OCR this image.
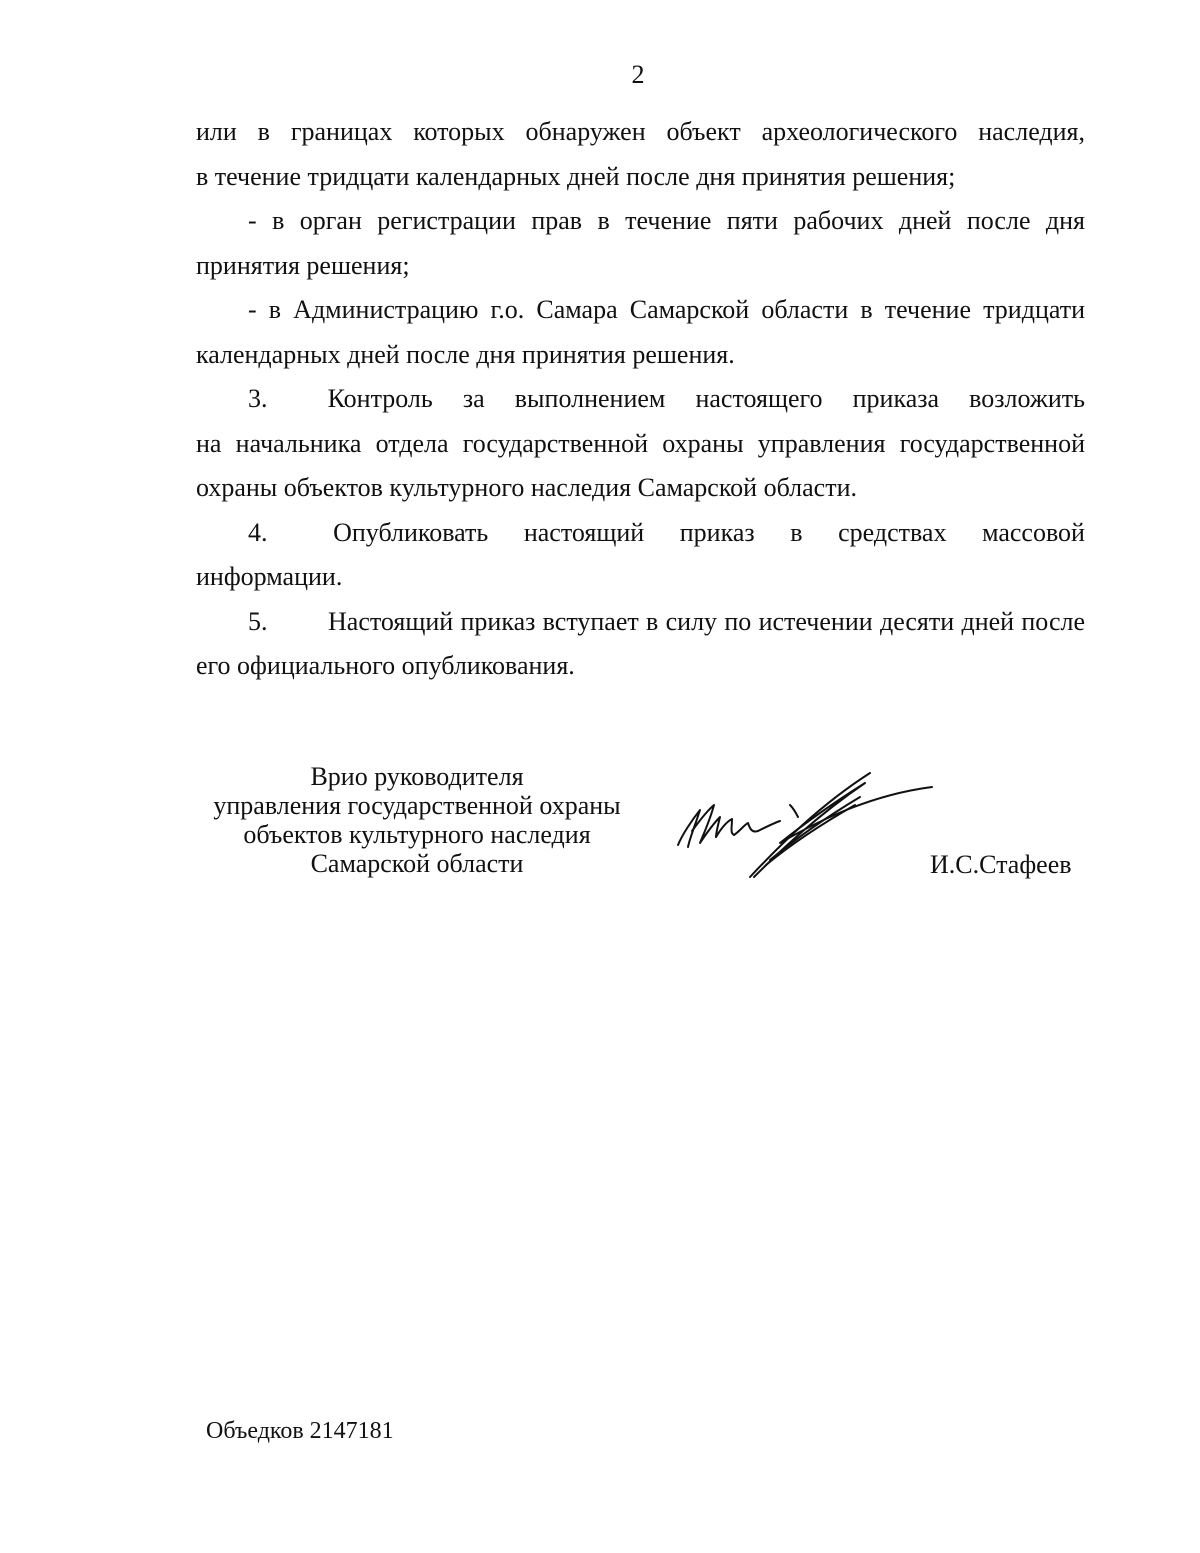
2
или в границах которых обнаружен объект археологического наследия,
в течение тридцати календарных дней после дня принятия решения;
- в орган регистрации прав в течение пяти рабочих дней после дня
принятия решения;
- в Администрацию г.о. Самара Самарской области в течение тридцати
календарных дней после дня принятия решения.
3. Контроль за выполнением настоящего приказа возложить
на начальника отдела государственной охраны управления государственной
охраны объектов культурного наследия Самарской области.
4.	Опубликовать настоящий приказ в средствах массовой
информации.
5.	Настоящий приказ вступает в силу по истечении десяти дней после
его официального опубликования.
Врио руководителя
управления государственной охраны
объектов культурного наследия
Самарской области	И.С.Стафеев
Объедков 2147181
